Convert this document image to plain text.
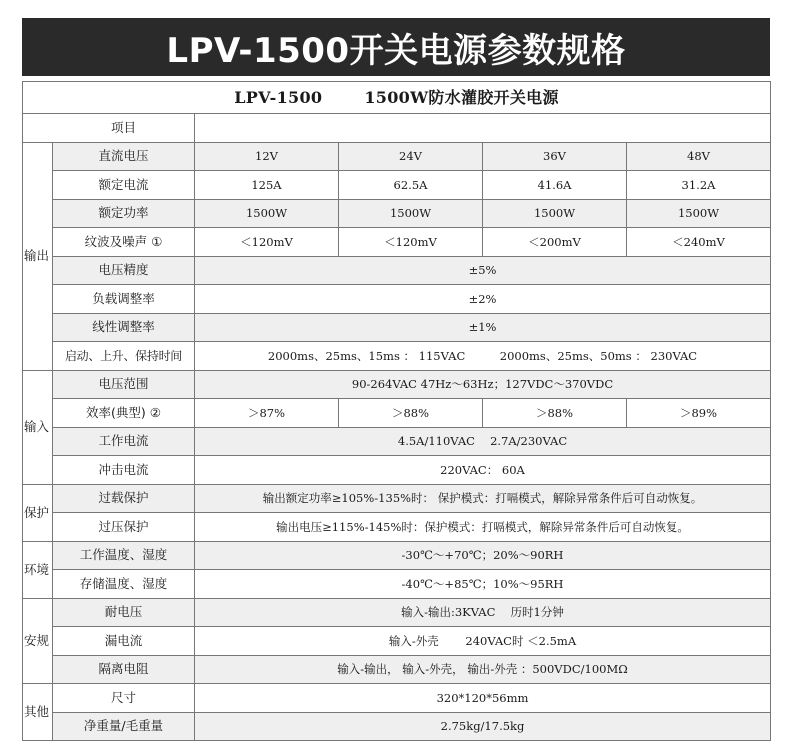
LPV-1500开关电源参数规格
LPV-1500 1500W防水灌胶开关电源					
项目					
输出	直流电压	12V	24V	36V	48V
	额定电流	125A	62.5A	41.6A	31.2A
	额定功率	1500W	1500W	1500W	1500W
	纹波及噪声 ①	＜120mV	＜120mV	＜200mV	＜240mV
	电压精度	±5%			
	负载调整率	±2%			
	线性调整率	±1%			
	启动、上升、保持时间	2000ms、25ms、15ms ： 115VAC　　　2000ms、25ms、50ms ： 230VAC			
输入	电压范围	90-264VAC 47Hz～63Hz；127VDC～370VDC			
	效率(典型) ②	＞87%	＞88%	＞88%	＞89%
	工作电流	4.5A/110VAC　 2.7A/230VAC			
	冲击电流	220VAC： 60A			
保护	过载保护	输出额定功率≥105%-135%时： 保护模式：打嗝模式，解除异常条件后可自动恢复。			
	过压保护	输出电压≥115%-145%时：保护模式：打嗝模式，解除异常条件后可自动恢复。			
环境	工作温度、湿度	-30℃～+70℃；20%～90RH			
	存储温度、湿度	-40℃～+85℃；10%～95RH			
安规	耐电压	输入-输出:3KVAC　 历时1分钟			
	漏电流	输入-外壳　　 240VAC时 ＜2.5mA			
	隔离电阻	输入-输出， 输入-外壳， 输出-外壳 ：500VDC/100MΩ			
其他	尺寸	320*120*56mm			
	净重量/毛重量	2.75kg/17.5kg			
